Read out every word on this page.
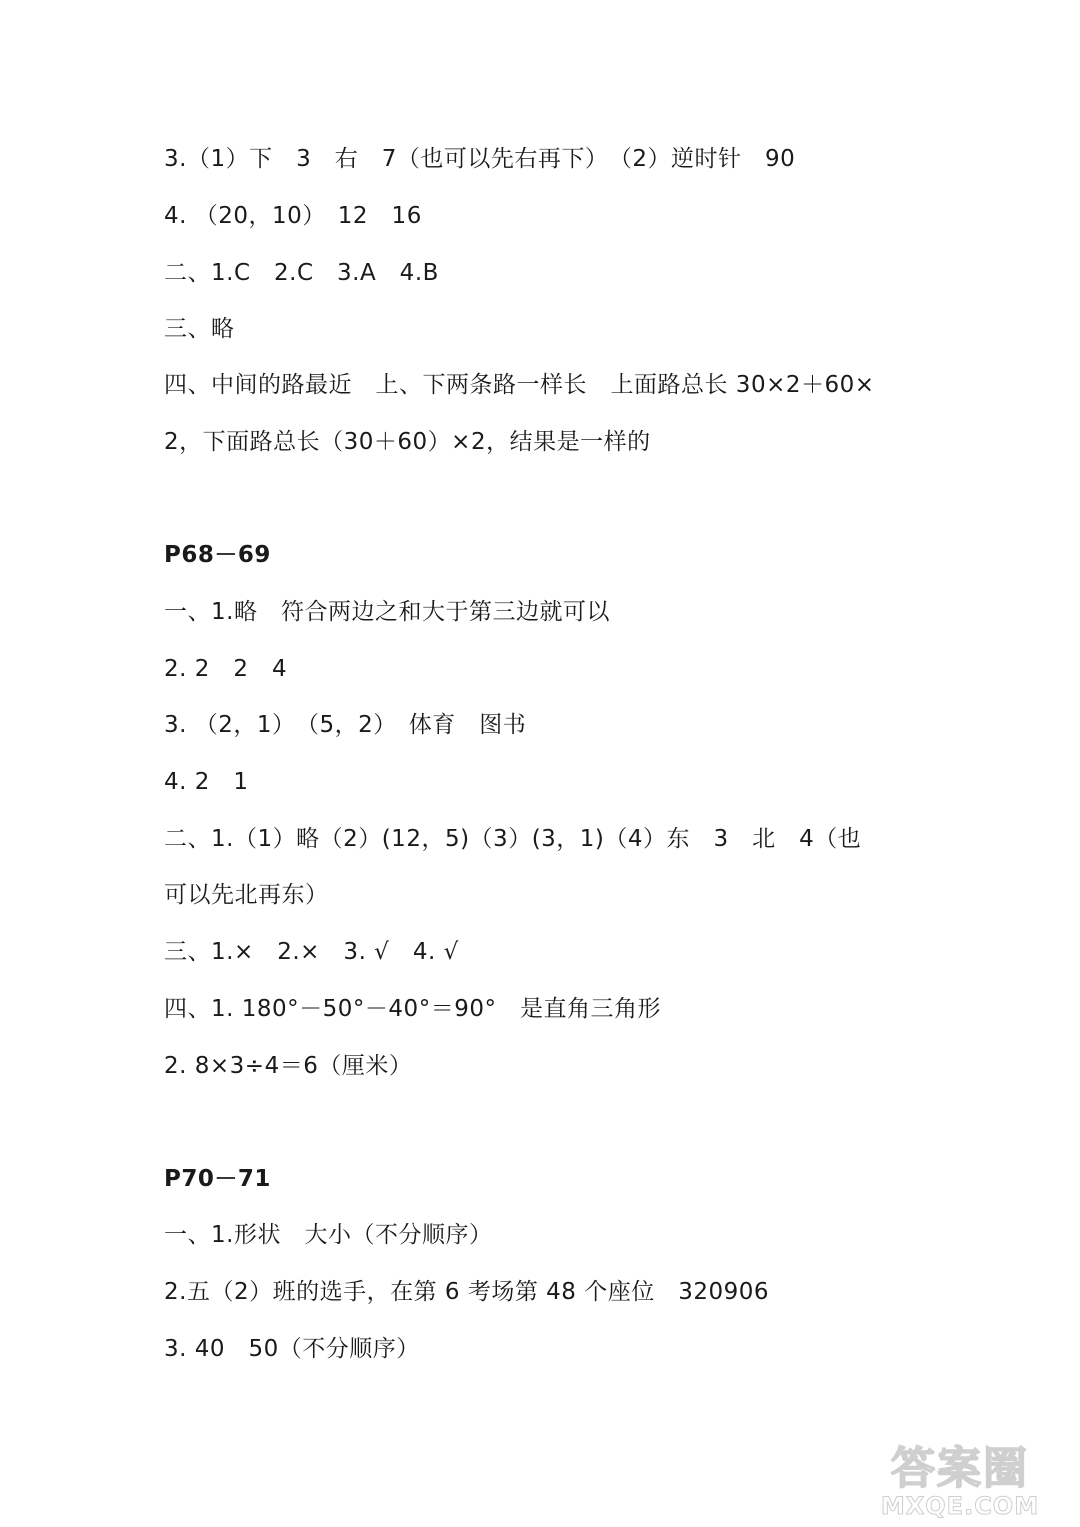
3.（1）下　3　右　7（也可以先右再下）　（2）逆时针　90
4. （20，10）　12　16
二、1.C　2.C　3.A　4.B
三、略
四、中间的路最近　上、下两条路一样长　上面路总长 30×2＋60×
2，下面路总长（30＋60）×2，结果是一样的
P68－69
一、1.略　符合两边之和大于第三边就可以
2. 2　2　4
3. （2，1）　（5，2）　体育　图书
4. 2　1
二、1.（1）略（2）(12，5)（3）(3，1)（4）东　3　北　4（也
可以先北再东）
三、1.×　2.×　3. √　4. √
四、1. 180°－50°－40°＝90°　是直角三角形
2. 8×3÷4＝6（厘米）
P70－71
一、1.形状　大小（不分顺序）
2.五（2）班的选手，在第 6 考场第 48 个座位　320906
3. 40　50（不分顺序）
答案圈
MXQE.COM
